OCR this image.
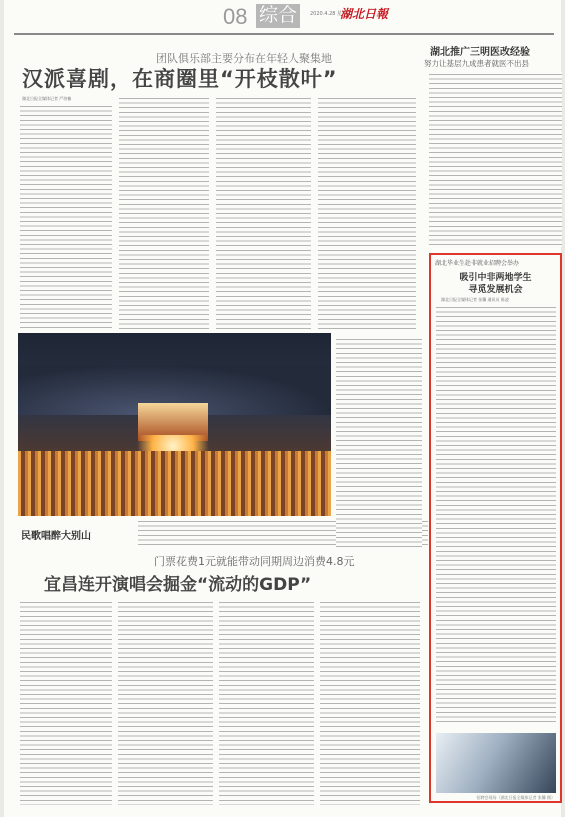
08 综合	2020.4.28 星期一
湖北日報
团队俱乐部主要分布在年轻人聚集地
汉派喜剧，在商圈里“开枝散叶”
湖北日报全媒体记者 严培楠
民歌唱醉大别山
湖北推广三明医改经验
努力让基层九成患者就医不出县
湖北毕业生赴非就业招聘会举办
吸引中非两地学生
寻觅发展机会
湖北日报全媒体记者 张馨 通讯员 陈凌
招聘会现场（湖北日报全媒体记者 张馨 摄）
门票花费1元就能带动同期周边消费4.8元
宜昌连开演唱会掘金“流动的GDP”
